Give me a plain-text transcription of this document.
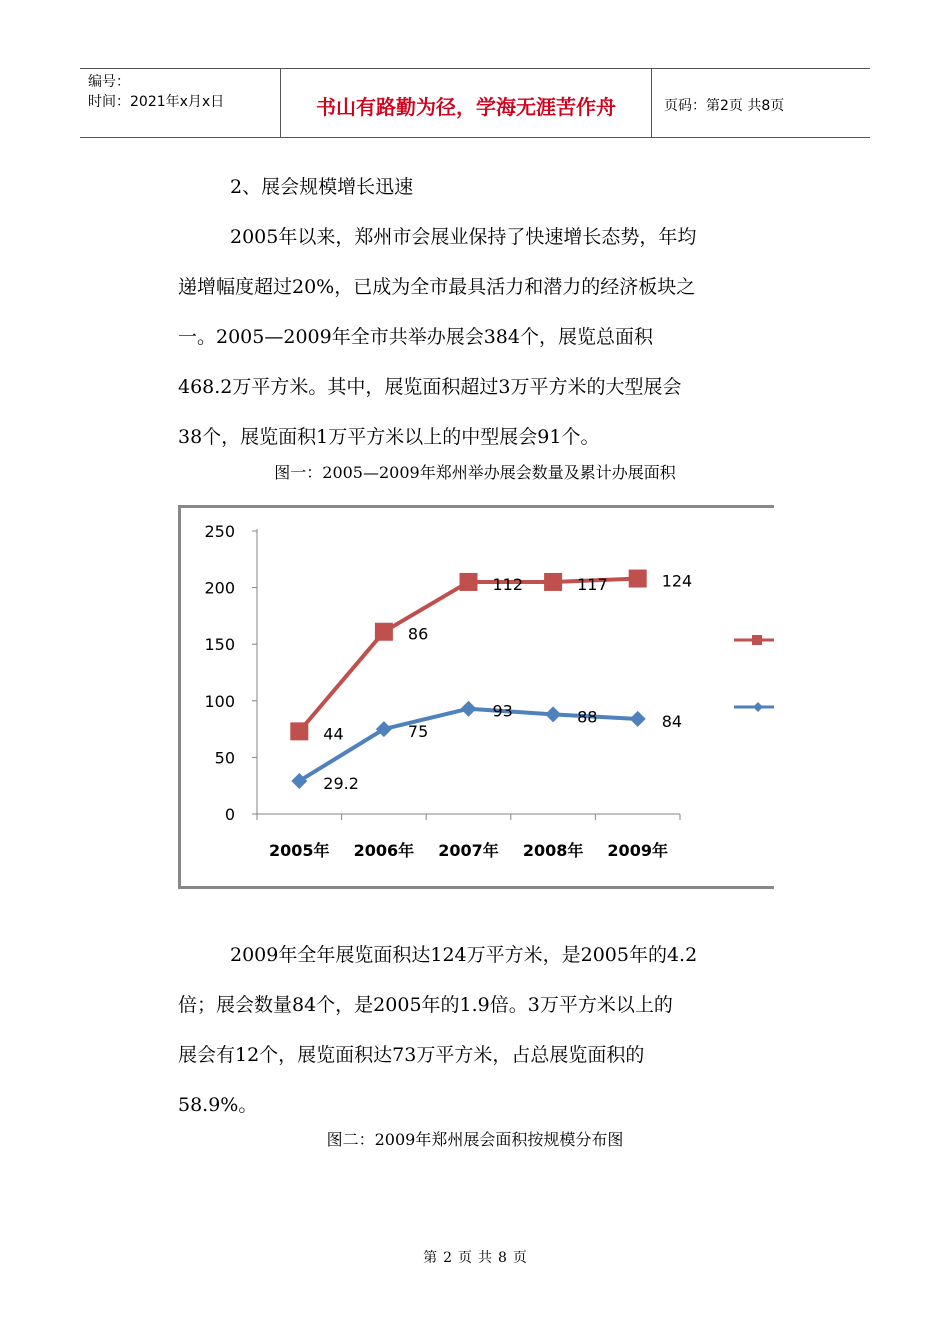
编号：
时间：2021年x月x日	书山有路勤为径，学海无涯苦作舟	页码：第2页 共8页
2、展会规模增长迅速
2005年以来，郑州市会展业保持了快速增长态势，年均
递增幅度超过20%，已成为全市最具活力和潜力的经济板块之
一。2005—2009年全市共举办展会384个，展览总面积
468.2万平方米。其中，展览面积超过3万平方米的大型展会
38个，展览面积1万平方米以上的中型展会91个。
图一：2005—2009年郑州举办展会数量及累计办展面积
0
50
100
150
200
250
2005年 2006年 2007年 2008年 2009年
44
86
112	117	124
29.2
75
93	88	84
2009年全年展览面积达124万平方米，是2005年的4.2
倍；展会数量84个，是2005年的1.9倍。3万平方米以上的
展会有12个，展览面积达73万平方米，占总展览面积的
58.9%。
图二：2009年郑州展会面积按规模分布图
第 2 页 共 8 页
